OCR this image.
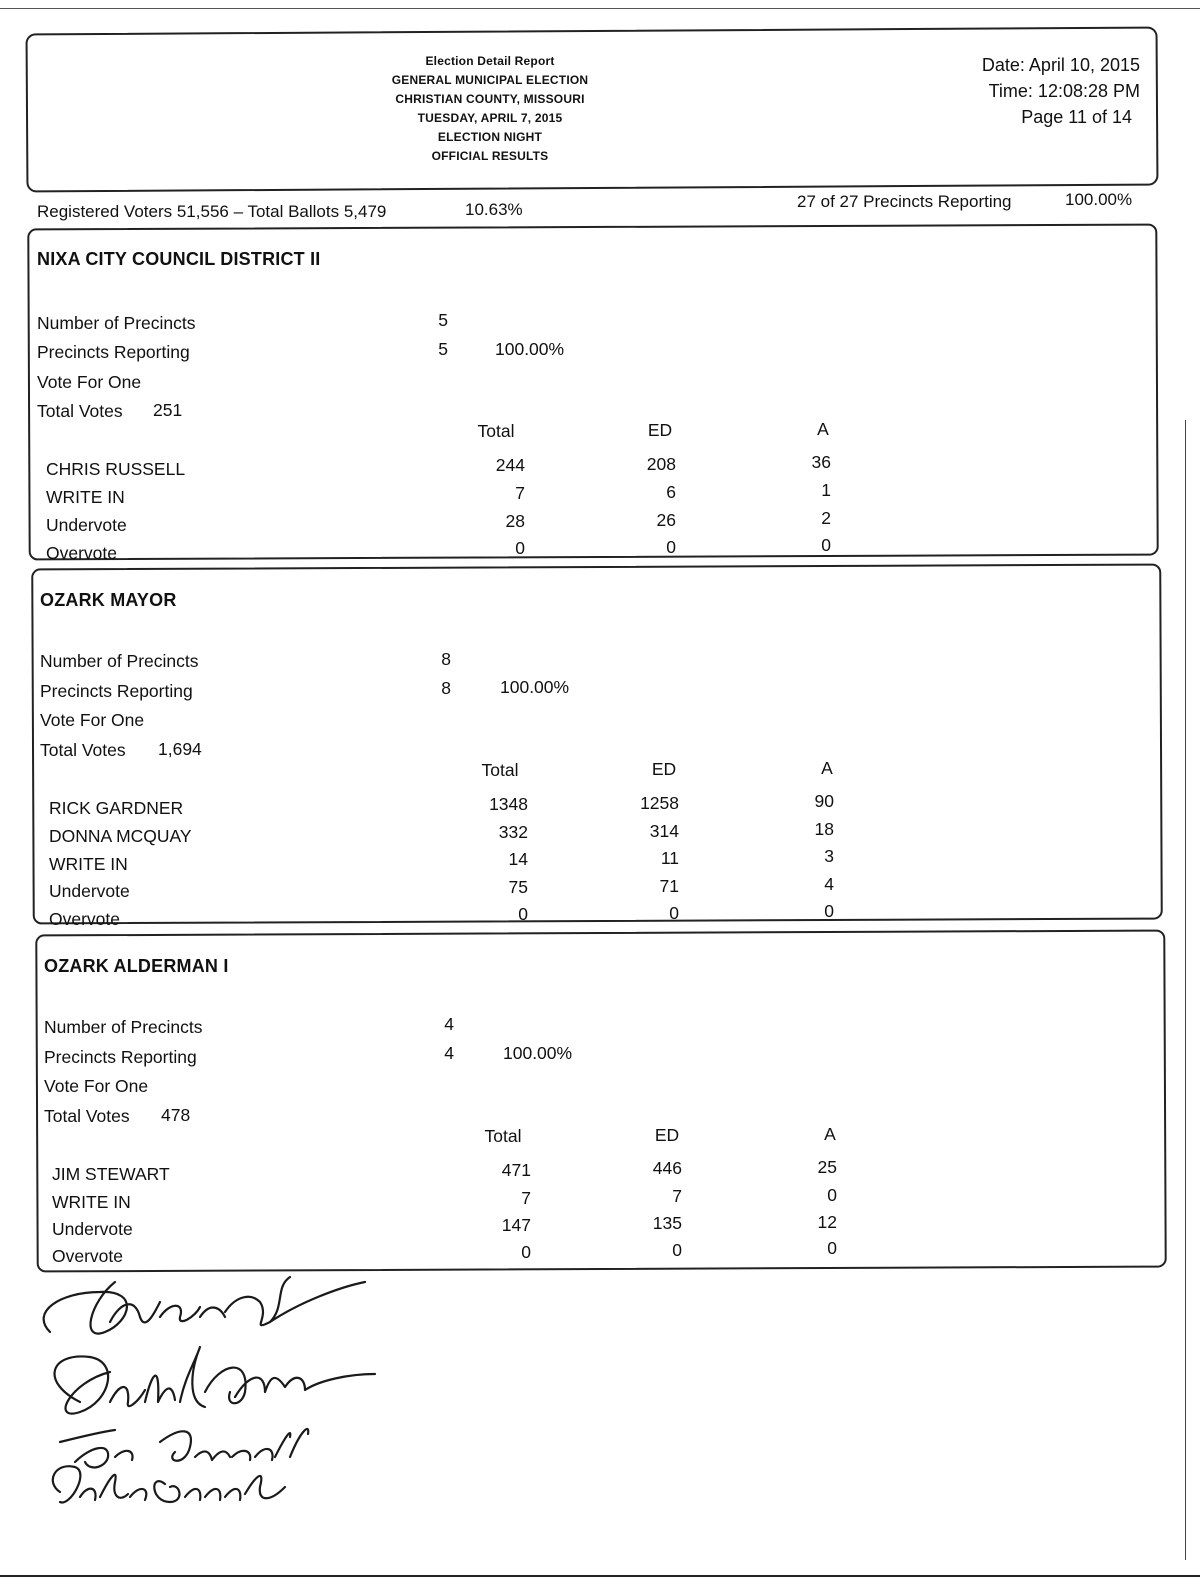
Election Detail Report
GENERAL MUNICIPAL ELECTION
CHRISTIAN COUNTY, MISSOURI
TUESDAY, APRIL 7, 2015
ELECTION NIGHT
OFFICIAL RESULTS
Date: April 10, 2015
Time: 12:08:28 PM
Page 11 of 14
Registered Voters 51,556 – Total Ballots 5,479	10.63%	27 of 27 Precincts Reporting	100.00%
NIXA CITY COUNCIL DISTRICT II
Number of Precincts	5
Precincts Reporting	5	100.00%
Vote For One
Total Votes 251
Total	ED	A
CHRIS RUSSELL	244	208	36
WRITE IN	7	6	1
Undervote	28	26	2
Overvote	0	0	0
OZARK MAYOR
Number of Precincts	8
Precincts Reporting	8	100.00%
Vote For One
Total Votes 1,694
Total	ED	A
RICK GARDNER	1348	1258	90
DONNA MCQUAY	332	314	18
WRITE IN	14	11	3
Undervote	75	71	4
Overvote	0	0	0
OZARK ALDERMAN I
Number of Precincts	4
Precincts Reporting	4	100.00%
Vote For One
Total Votes 478
Total	ED	A
JIM STEWART	471	446	25
WRITE IN	7	7	0
Undervote	147	135	12
Overvote	0	0	0
